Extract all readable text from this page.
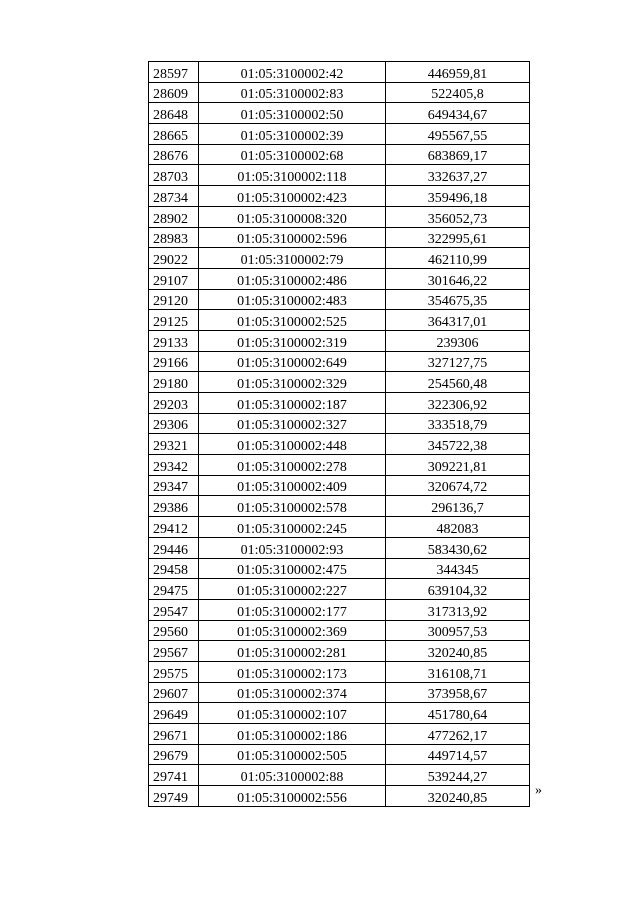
28597	01:05:3100002:42	446959,81
28609	01:05:3100002:83	522405,8
28648	01:05:3100002:50	649434,67
28665	01:05:3100002:39	495567,55
28676	01:05:3100002:68	683869,17
28703	01:05:3100002:118	332637,27
28734	01:05:3100002:423	359496,18
28902	01:05:3100008:320	356052,73
28983	01:05:3100002:596	322995,61
29022	01:05:3100002:79	462110,99
29107	01:05:3100002:486	301646,22
29120	01:05:3100002:483	354675,35
29125	01:05:3100002:525	364317,01
29133	01:05:3100002:319	239306
29166	01:05:3100002:649	327127,75
29180	01:05:3100002:329	254560,48
29203	01:05:3100002:187	322306,92
29306	01:05:3100002:327	333518,79
29321	01:05:3100002:448	345722,38
29342	01:05:3100002:278	309221,81
29347	01:05:3100002:409	320674,72
29386	01:05:3100002:578	296136,7
29412	01:05:3100002:245	482083
29446	01:05:3100002:93	583430,62
29458	01:05:3100002:475	344345
29475	01:05:3100002:227	639104,32
29547	01:05:3100002:177	317313,92
29560	01:05:3100002:369	300957,53
29567	01:05:3100002:281	320240,85
29575	01:05:3100002:173	316108,71
29607	01:05:3100002:374	373958,67
29649	01:05:3100002:107	451780,64
29671	01:05:3100002:186	477262,17
29679	01:05:3100002:505	449714,57
29741	01:05:3100002:88	539244,27
29749	01:05:3100002:556	320240,85
»
